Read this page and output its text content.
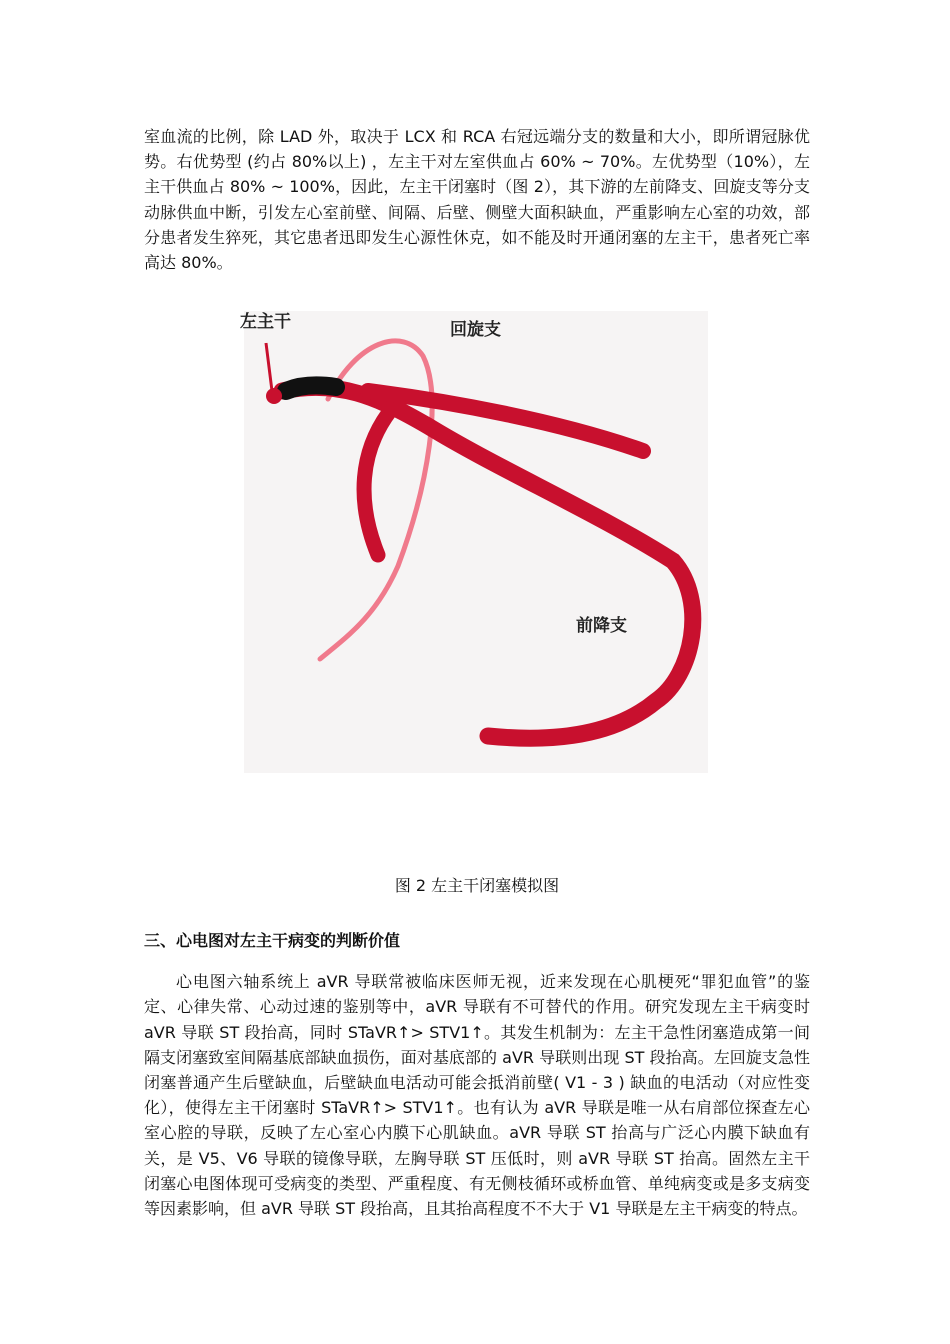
室血流的比例，除 LAD 外，取决于 LCX 和 RCA 右冠远端分支的数量和大小，即所谓冠脉优势。右优势型 (约占 80%以上) ，左主干对左室供血占 60% ~ 70%。左优势型（10%），左主干供血占 80% ~ 100%，因此，左主干闭塞时（图 2），其下游的左前降支、回旋支等分支动脉供血中断，引发左心室前壁、间隔、后壁、侧壁大面积缺血，严重影响左心室的功效，部分患者发生猝死，其它患者迅即发生心源性休克，如不能及时开通闭塞的左主干，患者死亡率高达 80%。

左主干	回旋支
前降支
图 2 左主干闭塞模拟图
三、心电图对左主干病变的判断价值

心电图六轴系统上 aVR 导联常被临床医师无视，近来发现在心肌梗死“罪犯血管”的鉴定、心律失常、心动过速的鉴别等中，aVR 导联有不可替代的作用。研究发现左主干病变时 aVR 导联 ST 段抬高，同时 STaVR↑> STV1↑。其发生机制为：左主干急性闭塞造成第一间隔支闭塞致室间隔基底部缺血损伤，面对基底部的 aVR 导联则出现 ST 段抬高。左回旋支急性闭塞普通产生后壁缺血，后壁缺血电活动可能会抵消前壁( V1 - 3 ) 缺血的电活动（对应性变化），使得左主干闭塞时 STaVR↑> STV1↑。也有认为 aVR 导联是唯一从右肩部位探查左心室心腔的导联，反映了左心室心内膜下心肌缺血。aVR 导联 ST 抬高与广泛心内膜下缺血有关，是 V5、V6 导联的镜像导联，左胸导联 ST 压低时，则 aVR 导联 ST 抬高。固然左主干闭塞心电图体现可受病变的类型、严重程度、有无侧枝循环或桥血管、单纯病变或是多支病变等因素影响，但 aVR 导联 ST 段抬高，且其抬高程度不不大于 V1 导联是左主干病变的特点。
